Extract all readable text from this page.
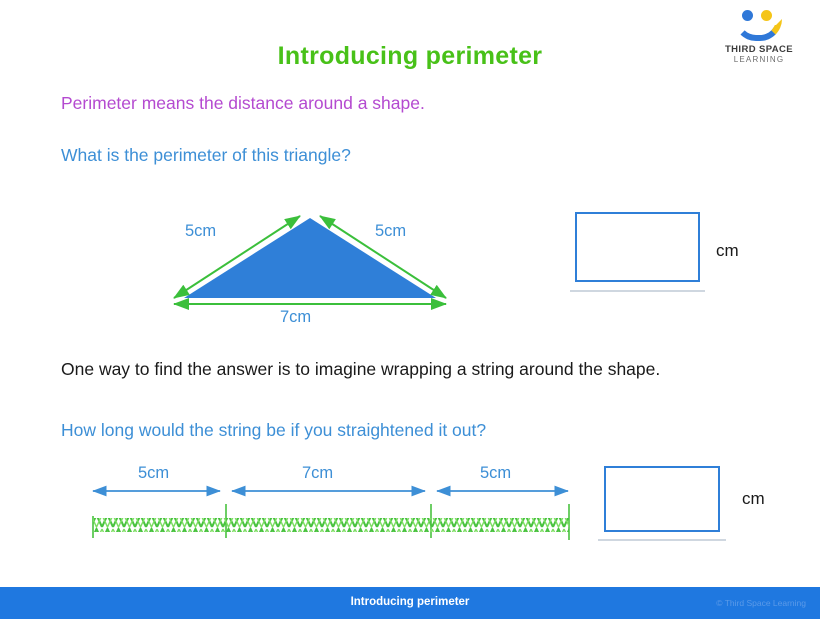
THIRD SPACE
LEARNING
Introducing perimeter
Perimeter means the distance around a shape.
What is the perimeter of this triangle?
5cm	5cm
7cm
cm
One way to find the answer is to imagine wrapping a string around the shape.
How long would the string be if you straightened it out?
5cm	7cm	5cm
cm
Introducing perimeter	© Third Space Learning
